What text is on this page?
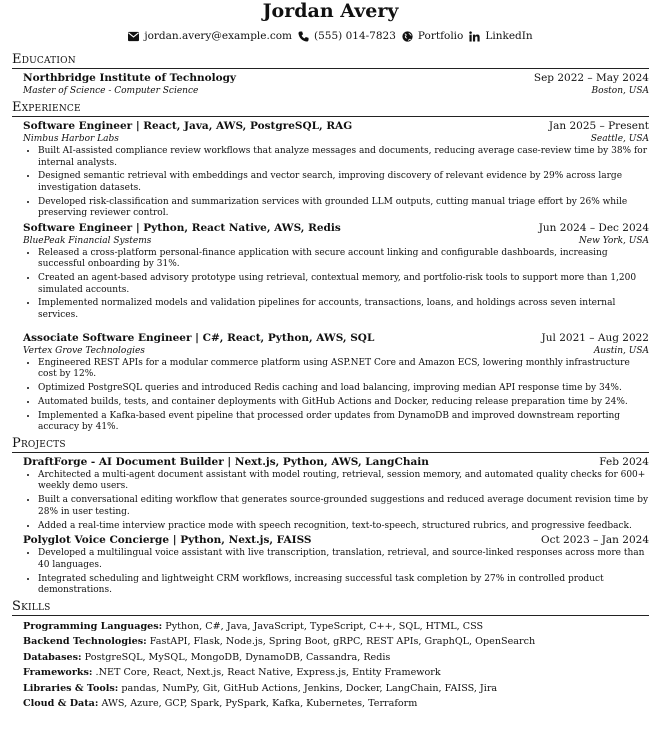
Jordan Avery
jordan.avery@example.com (555) 014-7823 Portfolio LinkedIn
Education
Northbridge Institute of Technology	Sep 2022 – May 2024
Master of Science - Computer Science	Boston, USA
Experience
Software Engineer | React, Java, AWS, PostgreSQL, RAG	Jan 2025 – Present
Nimbus Harbor Labs	Seattle, USA
• Built AI-assisted compliance review workflows that analyze messages and documents, reducing average case-review time by 38% for internal analysts.
• Designed semantic retrieval with embeddings and vector search, improving discovery of relevant evidence by 29% across large investigation datasets.
• Developed risk-classification and summarization services with grounded LLM outputs, cutting manual triage effort by 26% while preserving reviewer control.
Software Engineer | Python, React Native, AWS, Redis	Jun 2024 – Dec 2024
BluePeak Financial Systems	New York, USA
• Released a cross-platform personal-finance application with secure account linking and configurable dashboards, increasing successful onboarding by 31%.
• Created an agent-based advisory prototype using retrieval, contextual memory, and portfolio-risk tools to support more than 1,200 simulated accounts.
• Implemented normalized models and validation pipelines for accounts, transactions, loans, and holdings across seven internal services.
Associate Software Engineer | C#, React, Python, AWS, SQL	Jul 2021 – Aug 2022
Vertex Grove Technologies	Austin, USA
• Engineered REST APIs for a modular commerce platform using ASP.NET Core and Amazon ECS, lowering monthly infrastructure cost by 12%.
• Optimized PostgreSQL queries and introduced Redis caching and load balancing, improving median API response time by 34%.
• Automated builds, tests, and container deployments with GitHub Actions and Docker, reducing release preparation time by 24%.
• Implemented a Kafka-based event pipeline that processed order updates from DynamoDB and improved downstream reporting accuracy by 41%.
Projects
DraftForge - AI Document Builder | Next.js, Python, AWS, LangChain	Feb 2024
• Architected a multi-agent document assistant with model routing, retrieval, session memory, and automated quality checks for 600+ weekly demo users.
• Built a conversational editing workflow that generates source-grounded suggestions and reduced average document revision time by 28% in user testing.
• Added a real-time interview practice mode with speech recognition, text-to-speech, structured rubrics, and progressive feedback.
Polyglot Voice Concierge | Python, Next.js, FAISS	Oct 2023 – Jan 2024
• Developed a multilingual voice assistant with live transcription, translation, retrieval, and source-linked responses across more than 40 languages.
• Integrated scheduling and lightweight CRM workflows, increasing successful task completion by 27% in controlled product demonstrations.
Skills
Programming Languages: Python, C#, Java, JavaScript, TypeScript, C++, SQL, HTML, CSS
Backend Technologies: FastAPI, Flask, Node.js, Spring Boot, gRPC, REST APIs, GraphQL, OpenSearch
Databases: PostgreSQL, MySQL, MongoDB, DynamoDB, Cassandra, Redis
Frameworks: .NET Core, React, Next.js, React Native, Express.js, Entity Framework
Libraries & Tools: pandas, NumPy, Git, GitHub Actions, Jenkins, Docker, LangChain, FAISS, Jira
Cloud & Data: AWS, Azure, GCP, Spark, PySpark, Kafka, Kubernetes, Terraform
